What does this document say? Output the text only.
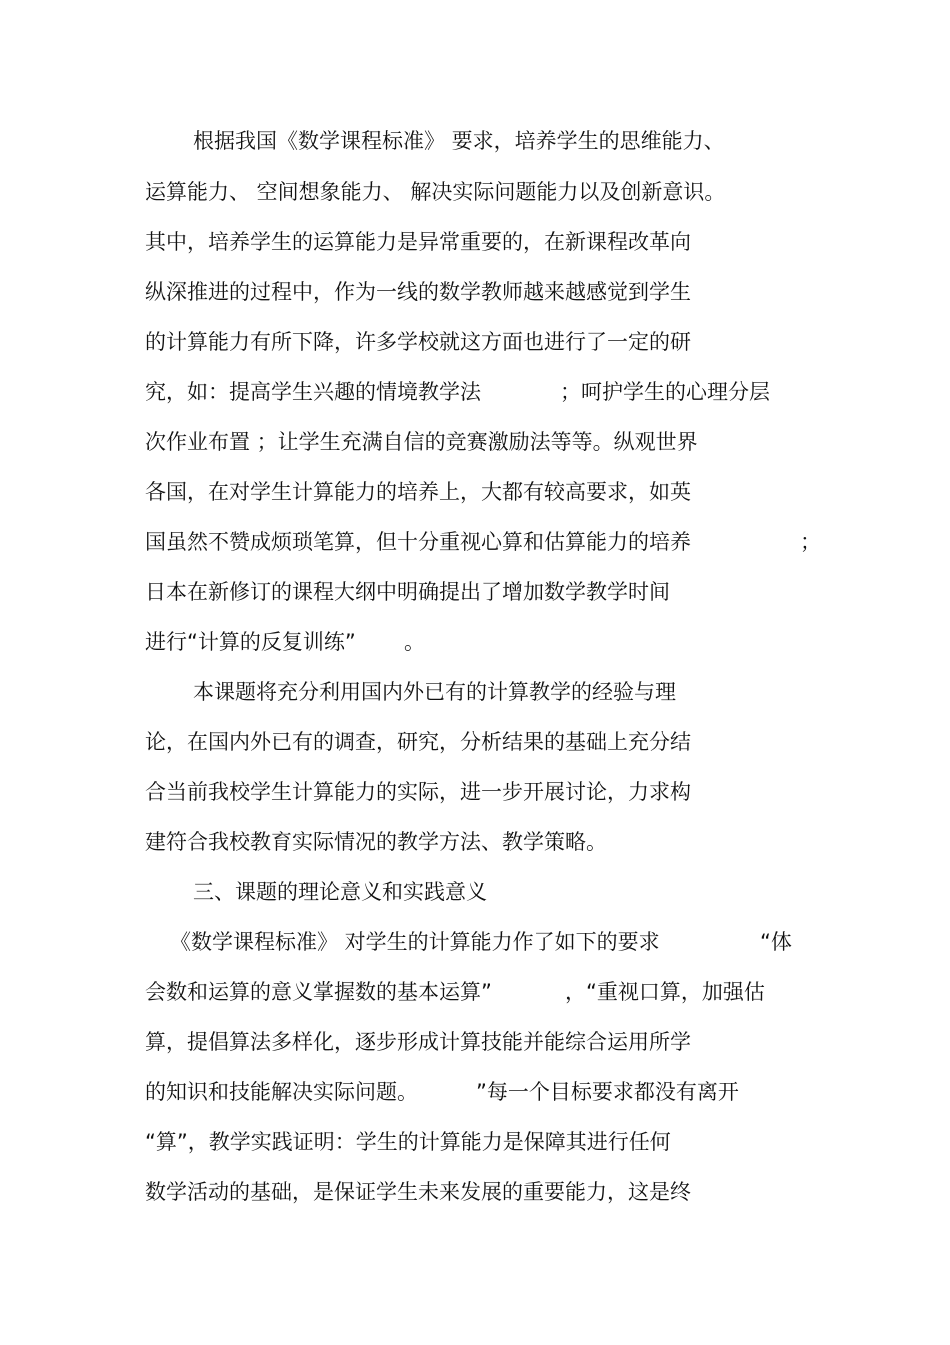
根据我国《数学课程标准》 要求，培养学生的思维能力、
运算能力、 空间想象能力、 解决实际问题能力以及创新意识。
其中，培养学生的运算能力是异常重要的，在新课程改革向
纵深推进的过程中，作为一线的数学教师越来越感觉到学生
的计算能力有所下降，许多学校就这方面也进行了一定的研
究，如：提高学生兴趣的情境教学法	；呵护学生的心理分层
次作业布置 ；让学生充满自信的竞赛激励法等等。纵观世界
各国，在对学生计算能力的培养上，大都有较高要求，如英
国虽然不赞成烦琐笔算，但十分重视心算和估算能力的培养	；
日本在新修订的课程大纲中明确提出了增加数学教学时间
进行“计算的反复训练” 。
本课题将充分利用国内外已有的计算教学的经验与理
论，在国内外已有的调查，研究，分析结果的基础上充分结
合当前我校学生计算能力的实际，进一步开展讨论，力求构
建符合我校教育实际情况的教学方法、教学策略。
三、课题的理论意义和实践意义
《数学课程标准》 对学生的计算能力作了如下的要求	“体
会数和运算的意义掌握数的基本运算”	，“重视口算，加强估
算，提倡算法多样化，逐步形成计算技能并能综合运用所学
的知识和技能解决实际问题。	”每一个目标要求都没有离开
“算”，教学实践证明：学生的计算能力是保障其进行任何
数学活动的基础，是保证学生未来发展的重要能力，这是终
